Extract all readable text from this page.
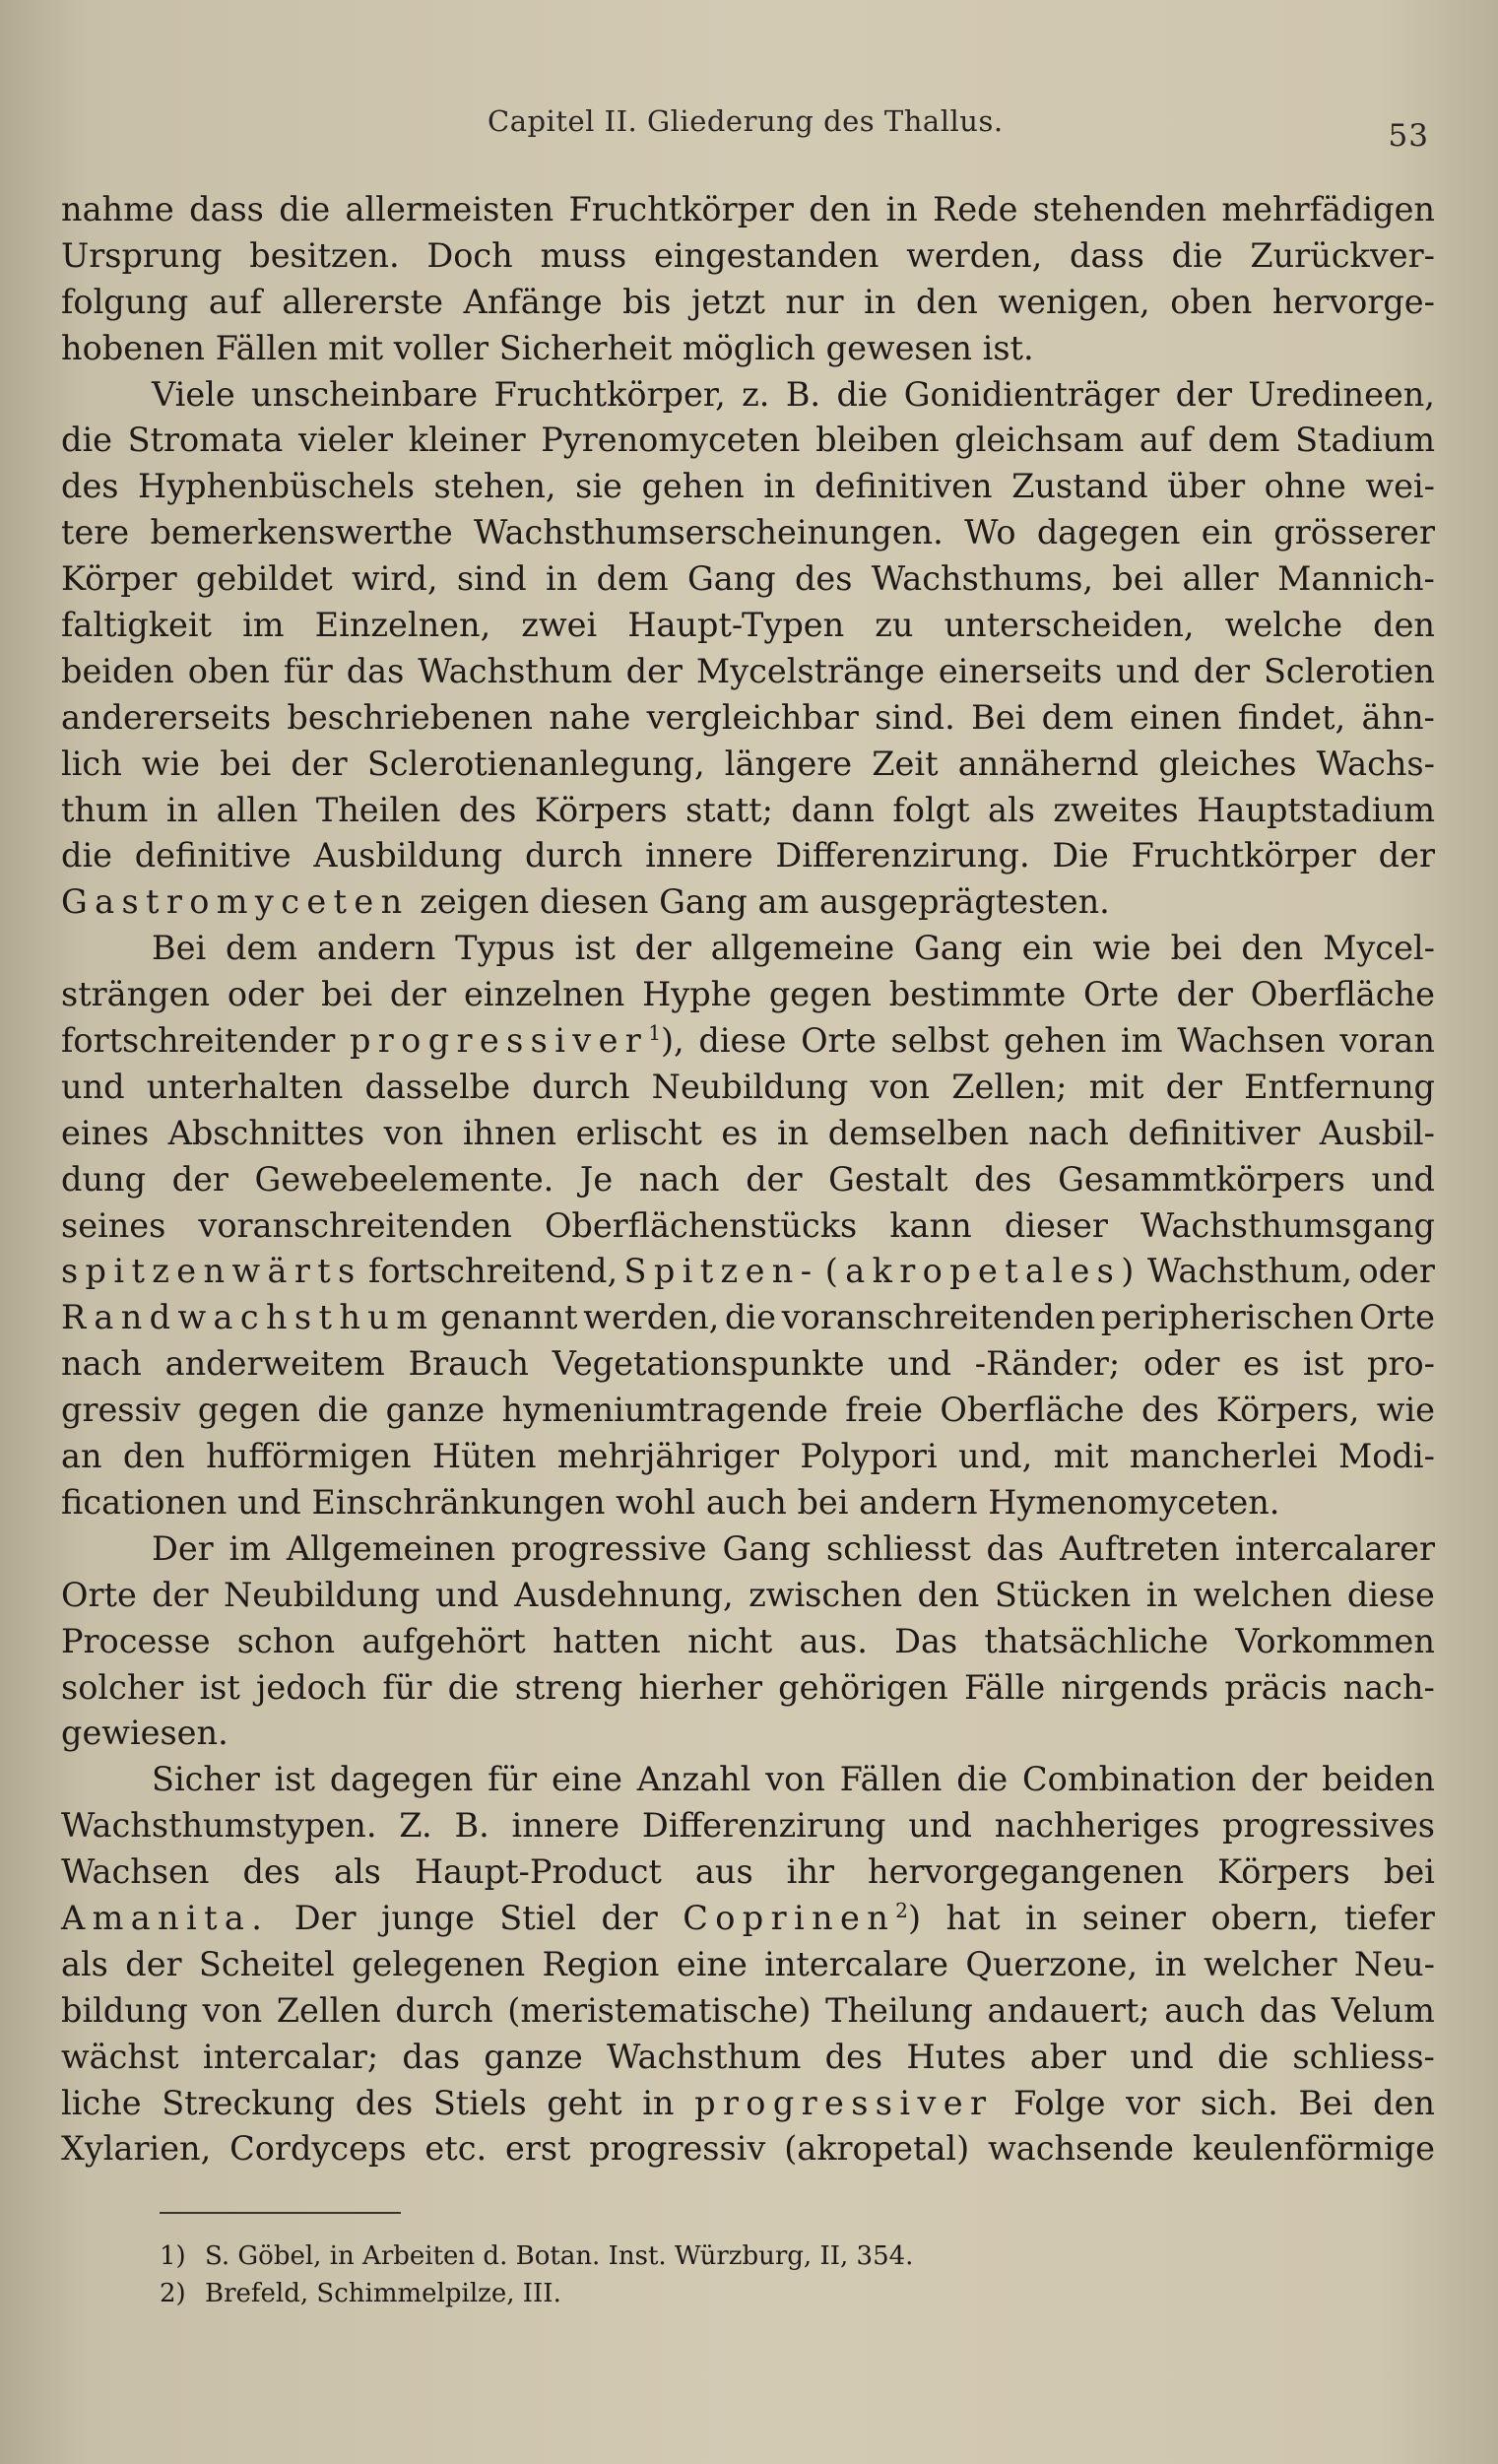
Capitel II. Gliederung des Thallus.	53
nahme dass die allermeisten Fruchtkörper den in Rede stehenden mehrfädigen
Ursprung besitzen. Doch muss eingestanden werden, dass die Zurückver-
folgung auf allererste Anfänge bis jetzt nur in den wenigen, oben hervorge-
hobenen
Fällen
mit
voller
Sicherheit
möglich
gewesen
ist.
Viele unscheinbare Fruchtkörper, z. B. die Gonidienträger der Uredineen,
die Stromata vieler kleiner Pyrenomyceten bleiben gleichsam auf dem Stadium
des Hyphenbüschels stehen, sie gehen in definitiven Zustand über ohne wei-
tere bemerkenswerthe Wachsthumserscheinungen. Wo dagegen ein grösserer
Körper gebildet wird, sind in dem Gang des Wachsthums, bei aller Mannich-
faltigkeit im Einzelnen, zwei Haupt-Typen zu unterscheiden, welche den
beiden oben für das Wachsthum der Mycelstränge einerseits und der Sclerotien
andererseits beschriebenen nahe vergleichbar sind. Bei dem einen findet, ähn-
lich wie bei der Sclerotienanlegung, längere Zeit annähernd gleiches Wachs-
thum in allen Theilen des Körpers statt; dann folgt als zweites Hauptstadium
die definitive Ausbildung durch innere Differenzirung. Die Fruchtkörper der
Gastromyceten
zeigen
diesen
Gang
am
ausgeprägtesten.
Bei dem andern Typus ist der allgemeine Gang ein wie bei den Mycel-
strängen oder bei der einzelnen Hyphe gegen bestimmte Orte der Oberfläche
fortschreitender progressiver$^1$), diese Orte selbst gehen im Wachsen voran
und unterhalten dasselbe durch Neubildung von Zellen; mit der Entfernung
eines Abschnittes von ihnen erlischt es in demselben nach definitiver Ausbil-
dung der Gewebeelemente. Je nach der Gestalt des Gesammtkörpers und
seines voranschreitenden Oberflächenstücks kann dieser Wachsthumsgang
spitzenwärts fortschreitend, Spitzen- (akropetales) Wachsthum, oder
Randwachsthum genannt werden, die voranschreitenden peripherischen Orte
nach anderweitem Brauch Vegetationspunkte und -Ränder; oder es ist pro-
gressiv gegen die ganze hymeniumtragende freie Oberfläche des Körpers, wie
an den hufförmigen Hüten mehrjähriger Polypori und, mit mancherlei Modi-
ficationen
und
Einschränkungen
wohl
auch
bei
andern
Hymenomyceten.
Der im Allgemeinen progressive Gang schliesst das Auftreten intercalarer
Orte der Neubildung und Ausdehnung, zwischen den Stücken in welchen diese
Processe schon aufgehört hatten nicht aus. Das thatsächliche Vorkommen
solcher ist jedoch für die streng hierher gehörigen Fälle nirgends präcis nach-
gewiesen.
Sicher ist dagegen für eine Anzahl von Fällen die Combination der beiden
Wachsthumstypen. Z. B. innere Differenzirung und nachheriges progressives
Wachsen des als Haupt-Product aus ihr hervorgegangenen Körpers bei
Amanita. Der junge Stiel der Coprinen$^2$) hat in seiner obern, tiefer
als der Scheitel gelegenen Region eine intercalare Querzone, in welcher Neu-
bildung von Zellen durch (meristematische) Theilung andauert; auch das Velum
wächst intercalar; das ganze Wachsthum des Hutes aber und die schliess-
liche Streckung des Stiels geht in progressiver Folge vor sich. Bei den
Xylarien, Cordyceps etc. erst progressiv (akropetal) wachsende keulenförmige
1) S. Göbel, in Arbeiten d. Botan. Inst. Würzburg, II, 354.
2) Brefeld, Schimmelpilze, III.
